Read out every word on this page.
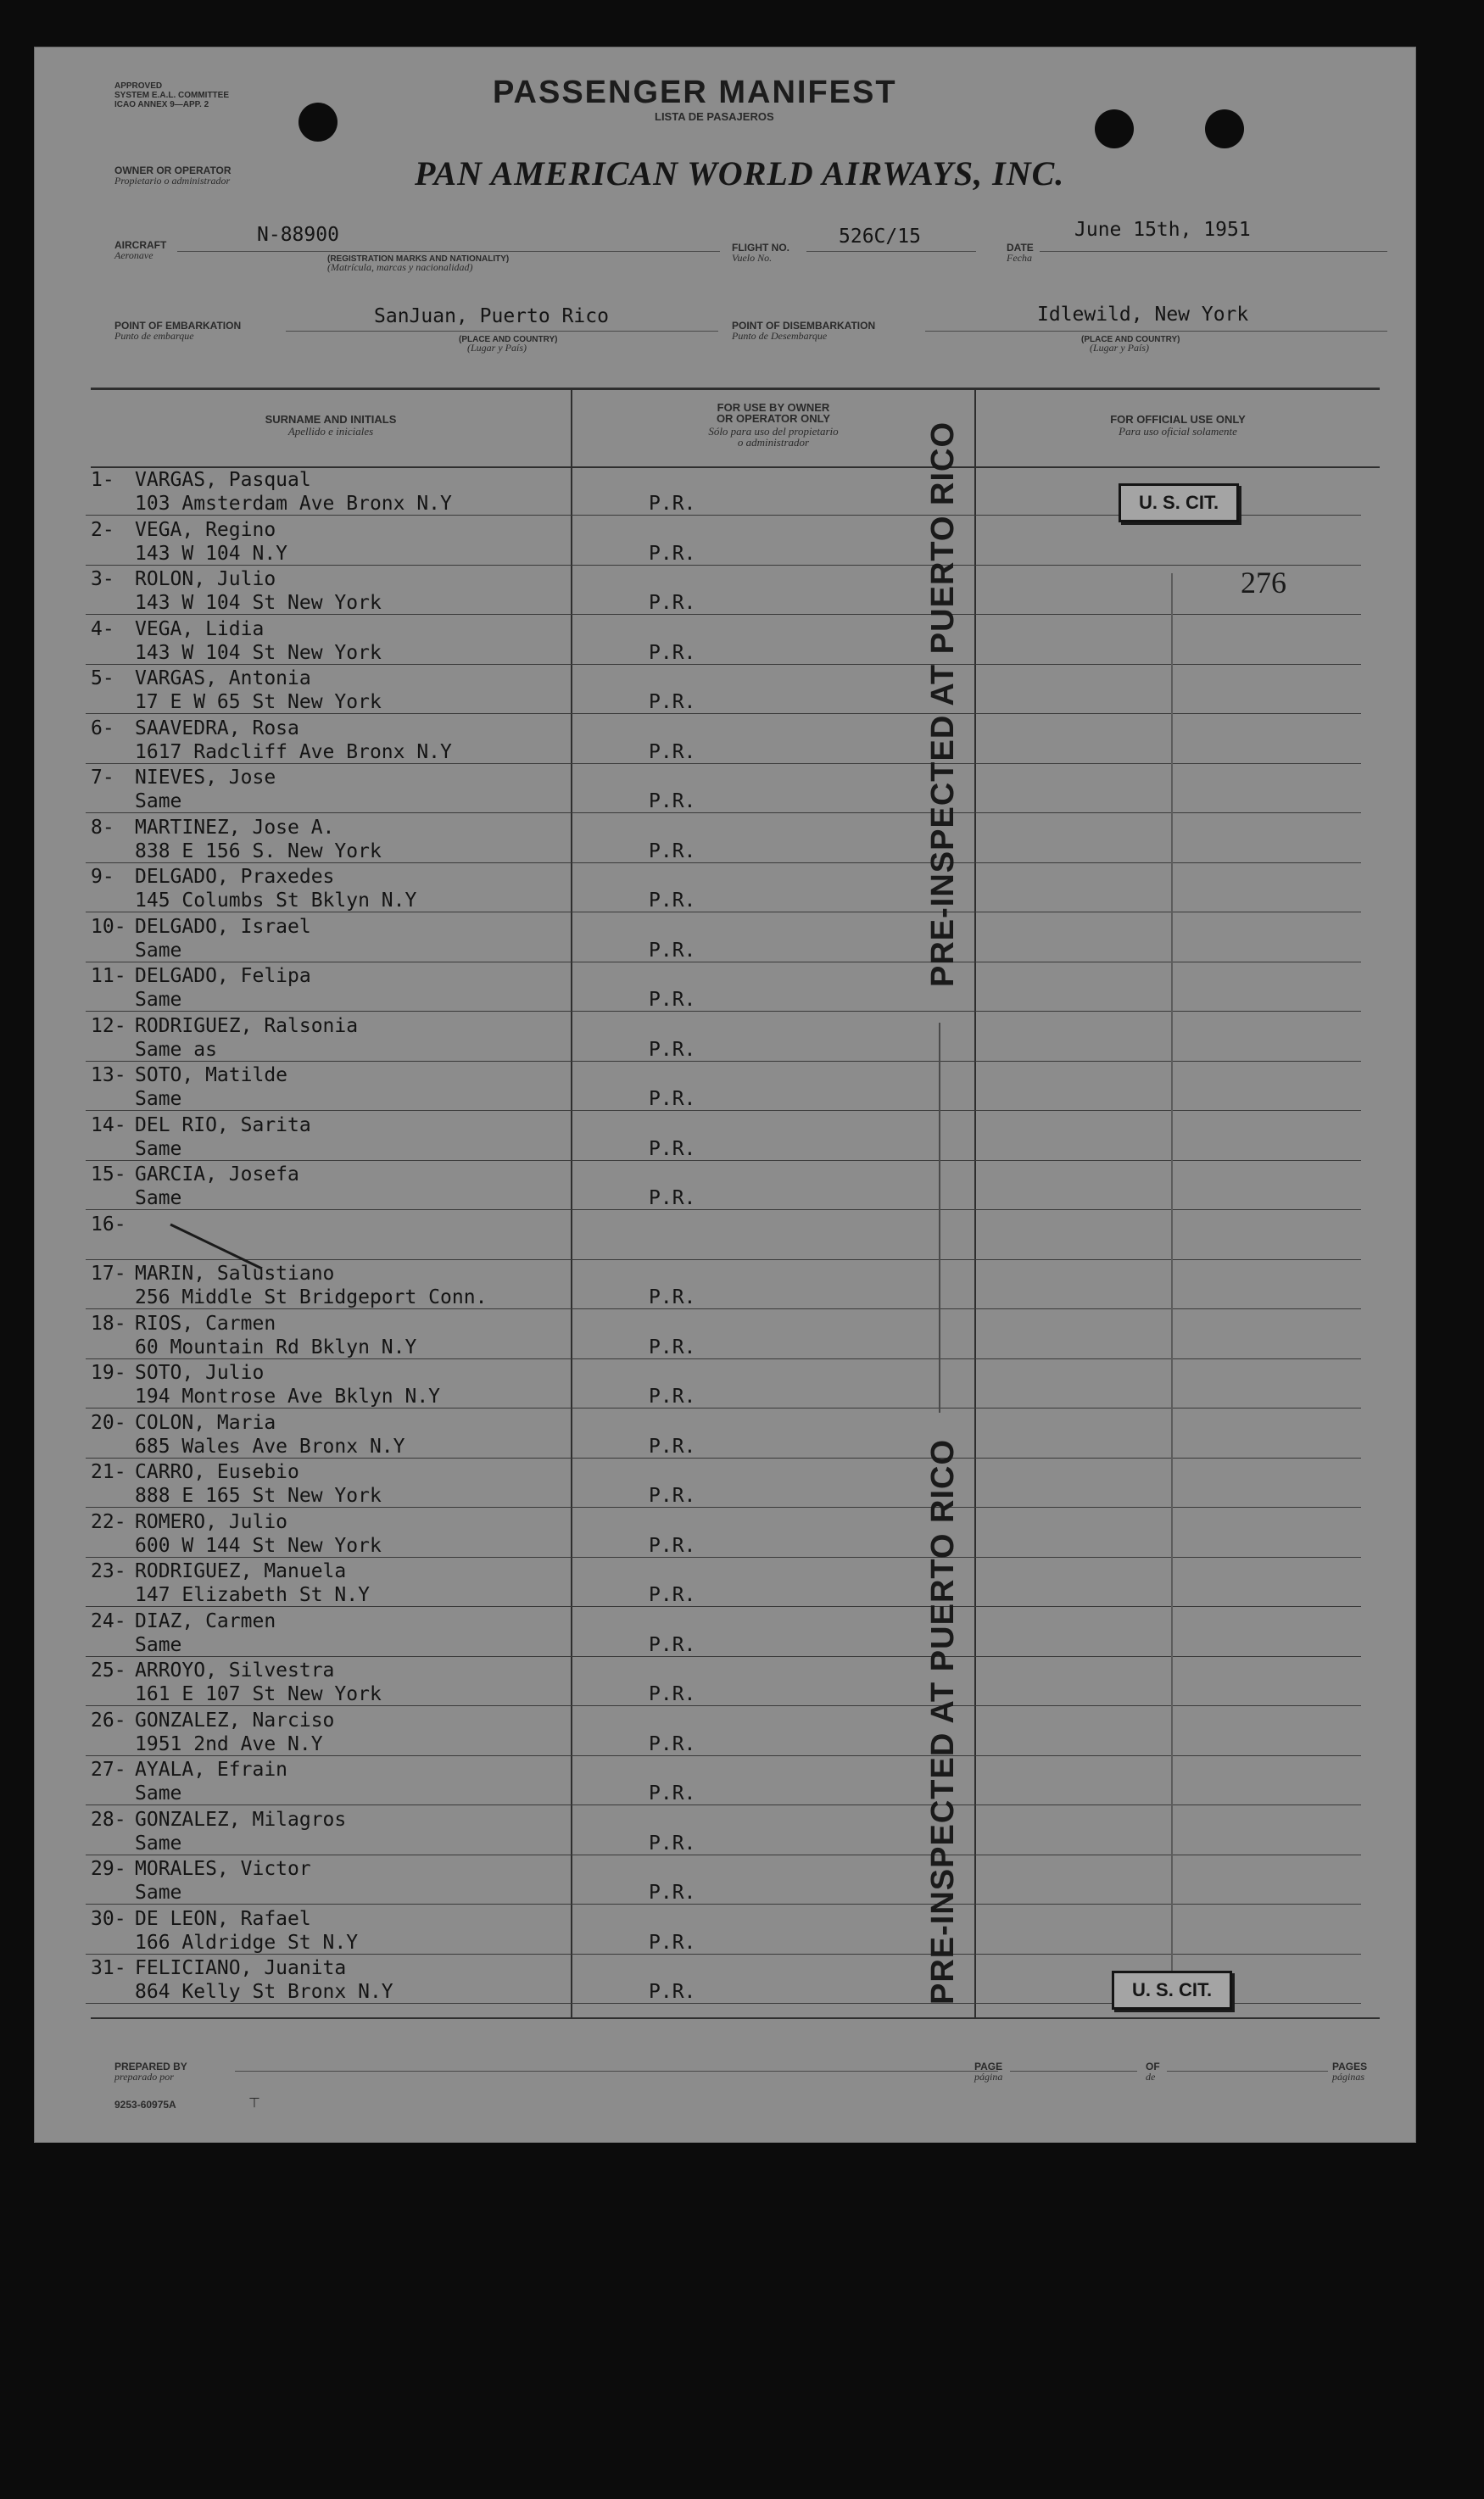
APPROVED
SYSTEM E.A.L. COMMITTEE
ICAO ANNEX 9—APP. 2	PASSENGER MANIFEST
LISTA DE PASAJEROS
OWNER OR OPERATOR
Propietario o administrador	PAN AMERICAN WORLD AIRWAYS, INC.
AIRCRAFT
Aeronave
N-88900
(REGISTRATION MARKS AND NATIONALITY)
(Matrícula, marcas y nacionalidad)
FLIGHT NO.
Vuelo No.
526C/15	DATE
Fecha
June 15th, 1951
POINT OF EMBARKATION
Punto de embarque
SanJuan, Puerto Rico
(PLACE AND COUNTRY)
(Lugar y País)
POINT OF DISEMBARKATION
Punto de Desembarque
Idlewild, New York
(PLACE AND COUNTRY)
(Lugar y País)
SURNAME AND INITIALS
Apellido e iniciales
FOR USE BY OWNER
OR OPERATOR ONLY
Sólo para uso del propietario
o administrador
FOR OFFICIAL USE ONLY
Para uso oficial solamente
1- VARGAS, Pasqual
103 Amsterdam Ave Bronx N.Y	P.R.
2- VEGA, Regino
143 W 104 N.Y	P.R.
3- ROLON, Julio
143 W 104 St New York	P.R.
4- VEGA, Lidia
143 W 104 St New York	P.R.
5- VARGAS, Antonia
17 E W 65 St New York	P.R.
6- SAAVEDRA, Rosa
1617 Radcliff Ave Bronx N.Y	P.R.
7- NIEVES, Jose
Same	P.R.
8- MARTINEZ, Jose A.
838 E 156 S. New York	P.R.
9- DELGADO, Praxedes
145 Columbs St Bklyn N.Y	P.R.
10- DELGADO, Israel
Same	P.R.
11- DELGADO, Felipa
Same	P.R.
12- RODRIGUEZ, Ralsonia
Same as	P.R.
13- SOTO, Matilde
Same	P.R.
14- DEL RIO, Sarita
Same	P.R.
15- GARCIA, Josefa
Same	P.R.
16-
17- MARIN, Salustiano
256 Middle St Bridgeport Conn.	P.R.
18- RIOS, Carmen
60 Mountain Rd Bklyn N.Y	P.R.
19- SOTO, Julio
194 Montrose Ave Bklyn N.Y	P.R.
20- COLON, Maria
685 Wales Ave Bronx N.Y	P.R.
21- CARRO, Eusebio
888 E 165 St New York	P.R.
22- ROMERO, Julio
600 W 144 St New York	P.R.
23- RODRIGUEZ, Manuela
147 Elizabeth St N.Y	P.R.
24- DIAZ, Carmen
Same	P.R.
25- ARROYO, Silvestra
161 E 107 St New York	P.R.
26- GONZALEZ, Narciso
1951 2nd Ave N.Y	P.R.
27- AYALA, Efrain
Same	P.R.
28- GONZALEZ, Milagros
Same	P.R.
29- MORALES, Victor
Same	P.R.
30- DE LEON, Rafael
166 Aldridge St N.Y	P.R.
31- FELICIANO, Juanita
864 Kelly St Bronx N.Y	P.R.
U. S. CIT.
276
U. S. CIT.
PRE-INSPECTED AT PUERTO RICO
PRE-INSPECTED AT PUERTO RICO
PREPARED BY
preparado por
PAGE
página
OF
de
PAGES
páginas
9253-60975A	⊤
